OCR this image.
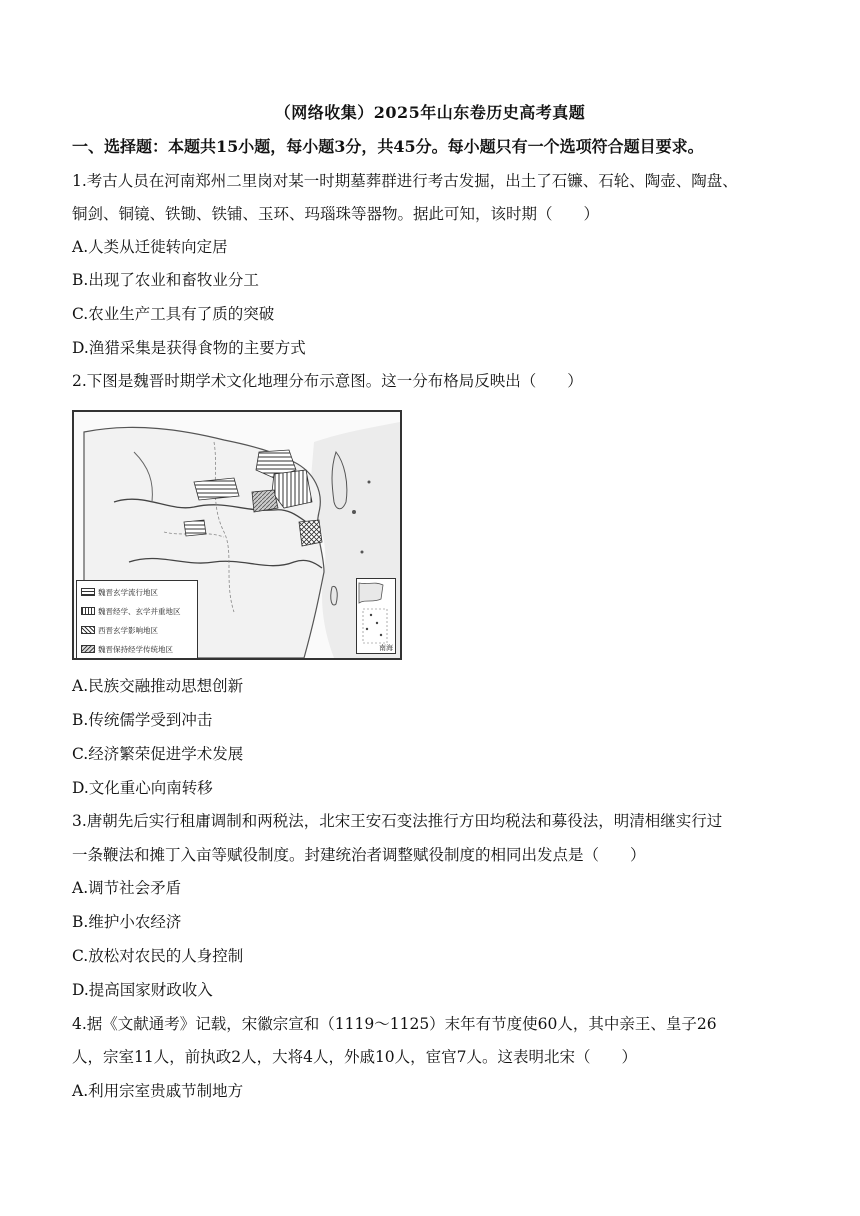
（网络收集）2025年山东卷历史高考真题
一、选择题：本题共15小题，每小题3分，共45分。每小题只有一个选项符合题目要求。
1.考古人员在河南郑州二里岗对某一时期墓葬群进行考古发掘，出土了石镰、石轮、陶壶、陶盘、
铜剑、铜镜、铁锄、铁铺、玉环、玛瑙珠等器物。据此可知，该时期（　　）
A.人类从迁徙转向定居
B.出现了农业和畜牧业分工
C.农业生产工具有了质的突破
D.渔猎采集是获得食物的主要方式
2.下图是魏晋时期学术文化地理分布示意图。这一分布格局反映出（　　）
魏晋玄学流行地区
魏晋经学、玄学并重地区
西晋玄学影响地区
魏晋保持经学传统地区	南海
A.民族交融推动思想创新
B.传统儒学受到冲击
C.经济繁荣促进学术发展
D.文化重心向南转移
3.唐朝先后实行租庸调制和两税法，北宋王安石变法推行方田均税法和募役法，明清相继实行过
一条鞭法和摊丁入亩等赋役制度。封建统治者调整赋役制度的相同出发点是（　　）
A.调节社会矛盾
B.维护小农经济
C.放松对农民的人身控制
D.提高国家财政收入
4.据《文献通考》记载，宋徽宗宣和（1119～1125）末年有节度使60人，其中亲王、皇子26
人，宗室11人，前执政2人，大将4人，外戚10人，宦官7人。这表明北宋（　　）
A.利用宗室贵戚节制地方
